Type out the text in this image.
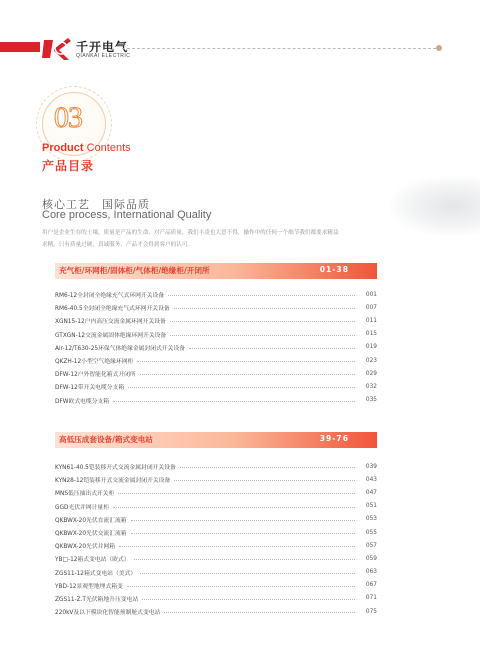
千开电气
QIANKAI ELECTRIC
03
Product Contents
产品目录
核心工艺　国际品质
Core process, International Quality
用户是企业生存的土壤，质量是产品的生命。对产品质量，我们丰凌也大意不得，操作中的任何一个细节我们都要求精益求精。只有质量过硬，真诚服务，产品才会得到客户的认可。
充气柜/环网柜/固体柜/气体柜/绝缘柜/开闭所	01-38
RM6-12全封闭全绝缘充气式环网开关设备	001
RM6-40.5全封闭全绝缘充气式环网开关设备	007
XGN15-12户内高压交流金属环网开关设备	011
GTXGN-12交流金属固体绝缘环网开关设备	015
Air-12/T630-25环保气体绝缘金属封闭式开关设备	019
QKZH-12小型空气绝缘环网柜	023
DFW-12户外智能化箱式开闭所	029
DFW-12带开关电缆分支箱	032
DFW欧式电缆分支箱	035
高低压成套设备/箱式变电站	39-76
KYN61-40.5铠装移开式交流金属封闭开关设备	039
KYN28-12铠装移开式交流金属封闭开关设备	043
MNS低压抽出式开关柜	047
GGD光伏并网计量柜	051
QKBWX-20光伏直流汇流箱	053
QKBWX-20光伏交流汇流箱	055
QKBWX-20光伏并网箱	057
YB□-12箱式变电站（欧式）	059
ZGS11-12箱式变电站（美式）	063
YBD-12景观型地埋式箱变	067
ZGS11-Z.T光伏箱地升压变电站	071
220kV及以下模块化智能预制舱式变电站	075
